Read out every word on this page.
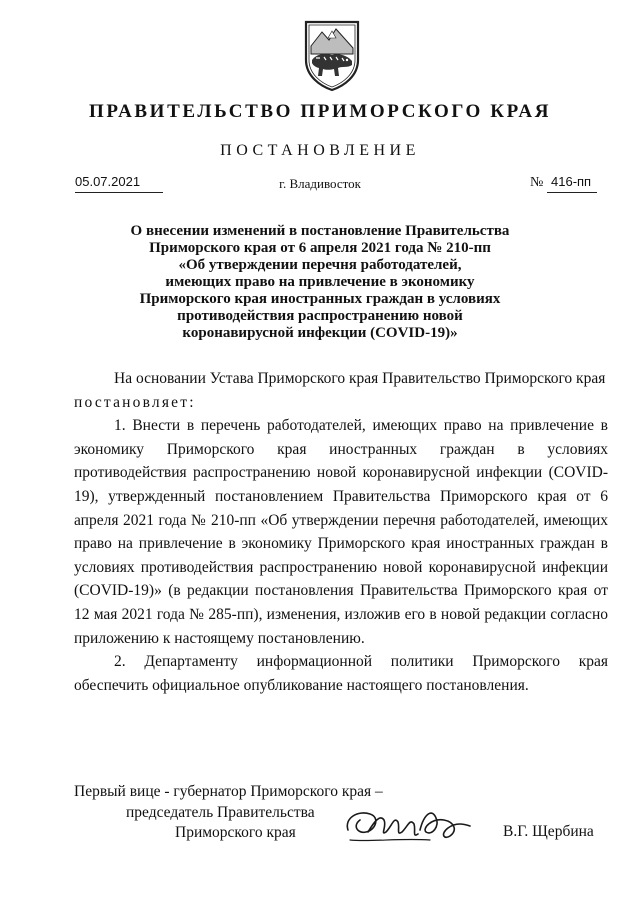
ПРАВИТЕЛЬСТВО ПРИМОРСКОГО КРАЯ
ПОСТАНОВЛЕНИЕ
05.07.2021	г. Владивосток	№ 416-пп
О внесении изменений в постановление Правительства
Приморского края от 6 апреля 2021 года № 210-пп
«Об утверждении перечня работодателей,
имеющих право на привлечение в экономику
Приморского края иностранных граждан в условиях
противодействия распространению новой
коронавирусной инфекции (COVID-19)»

На основании Устава Приморского края Правительство Приморского края

постановляет:

1. Внести в перечень работодателей, имеющих право на привлечение в экономику Приморского края иностранных граждан в условиях противодействия распространению новой коронавирусной инфекции (COVID-19), утвержденный постановлением Правительства Приморского края от 6 апреля 2021 года № 210-пп «Об утверждении перечня работодателей, имеющих право на привлечение в экономику Приморского края иностранных граждан в условиях противодействия распространению новой коронавирусной инфекции (COVID-19)» (в редакции постановления Правительства Приморского края от 12 мая 2021 года № 285-пп), изменения, изложив его в новой редакции согласно приложению к настоящему постановлению.

2. Департаменту информационной политики Приморского края обеспечить официальное опубликование настоящего постановления.

Первый вице - губернатор Приморского края –
председатель Правительства
Приморского края	В.Г. Щербина
